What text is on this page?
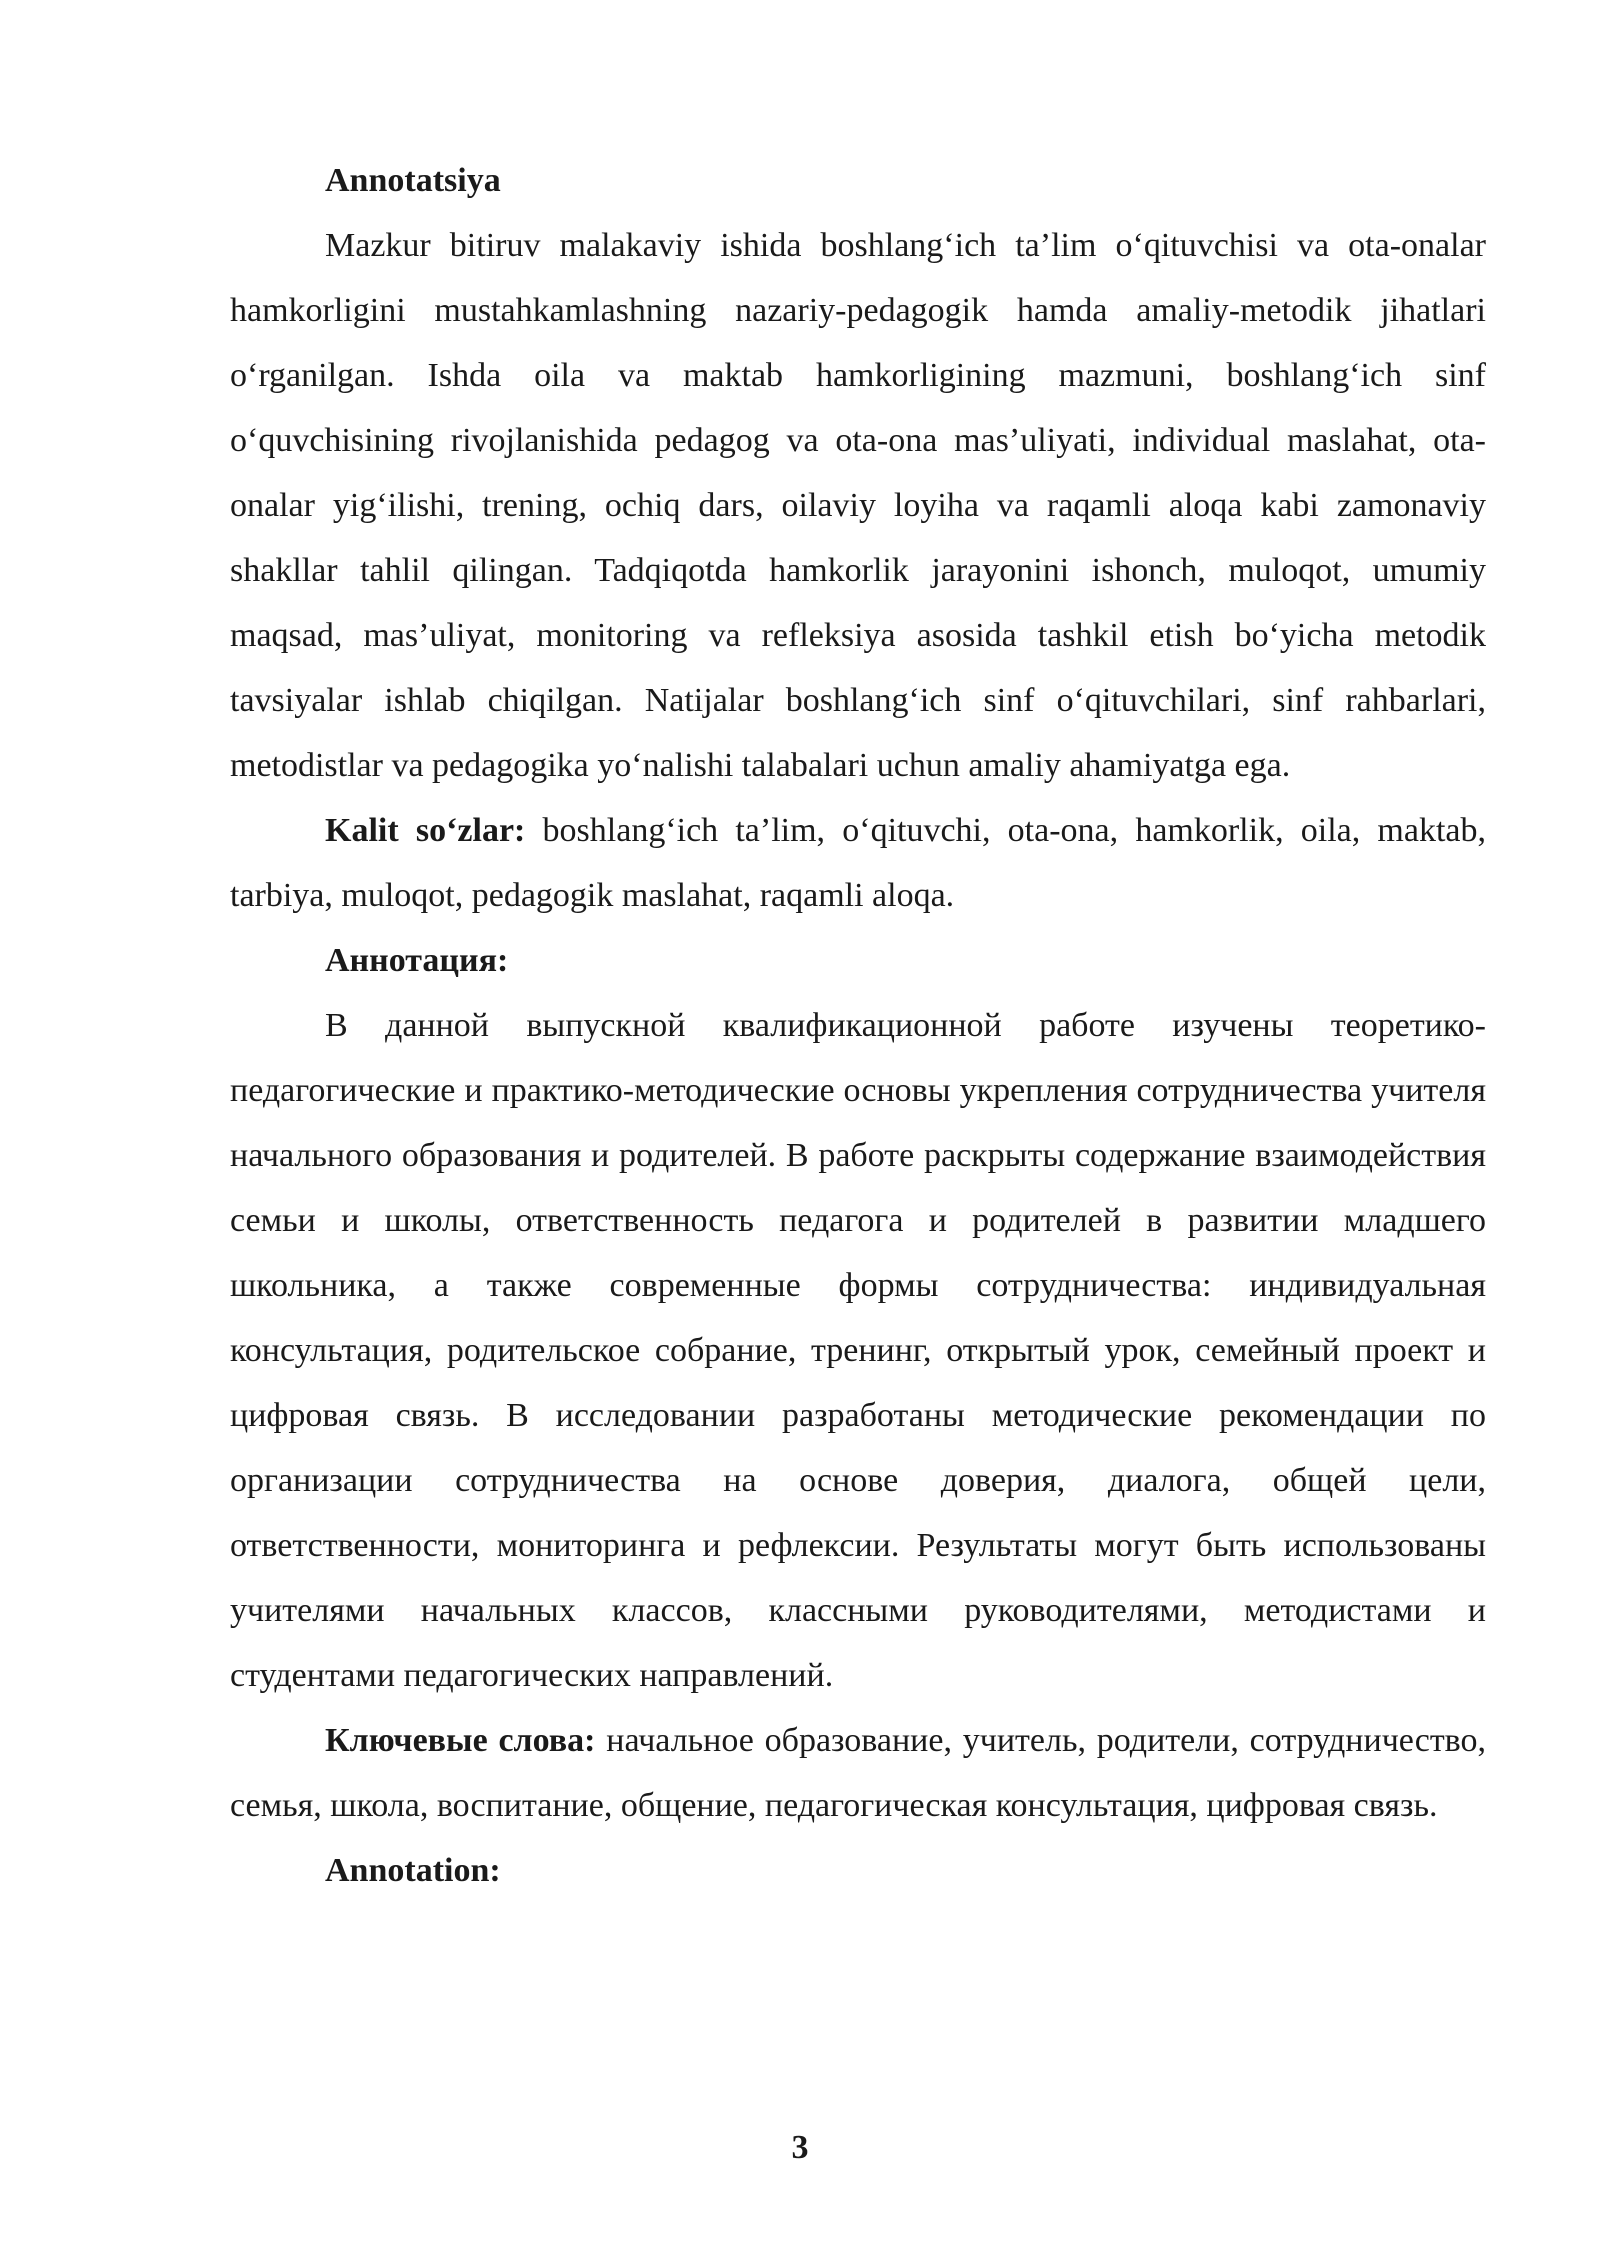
Annotatsiya

Mazkur bitiruv malakaviy ishida boshlang‘ich ta’lim o‘qituvchisi va ota-onalar hamkorligini mustahkamlashning nazariy-pedagogik hamda amaliy-metodik jihatlari o‘rganilgan. Ishda oila va maktab hamkorligining mazmuni, boshlang‘ich sinf o‘quvchisining rivojlanishida pedagog va ota-ona mas’uliyati, individual maslahat, ota-onalar yig‘ilishi, trening, ochiq dars, oilaviy loyiha va raqamli aloqa kabi zamonaviy shakllar tahlil qilingan. Tadqiqotda hamkorlik jarayonini ishonch, muloqot, umumiy maqsad, mas’uliyat, monitoring va refleksiya asosida tashkil etish bo‘yicha metodik tavsiyalar ishlab chiqilgan. Natijalar boshlang‘ich sinf o‘qituvchilari, sinf rahbarlari, metodistlar va pedagogika yo‘nalishi talabalari uchun amaliy ahamiyatga ega.

Kalit so‘zlar: boshlang‘ich ta’lim, o‘qituvchi, ota-ona, hamkorlik, oila, maktab, tarbiya, muloqot, pedagogik maslahat, raqamli aloqa.

Аннотация:

В данной выпускной квалификационной работе изучены теоретико-педагогические и практико-методические основы укрепления сотрудничества учителя начального образования и родителей. В работе раскрыты содержание взаимодействия семьи и школы, ответственность педагога и родителей в развитии младшего школьника, а также современные формы сотрудничества: индивидуальная консультация, родительское собрание, тренинг, открытый урок, семейный проект и цифровая связь. В исследовании разработаны методические рекомендации по организации сотрудничества на основе доверия, диалога, общей цели, ответственности, мониторинга и рефлексии. Результаты могут быть использованы учителями начальных классов, классными руководителями, методистами и студентами педагогических направлений.

Ключевые слова: начальное образование, учитель, родители, сотрудничество, семья, школа, воспитание, общение, педагогическая консультация, цифровая связь.

Annotation:

3
